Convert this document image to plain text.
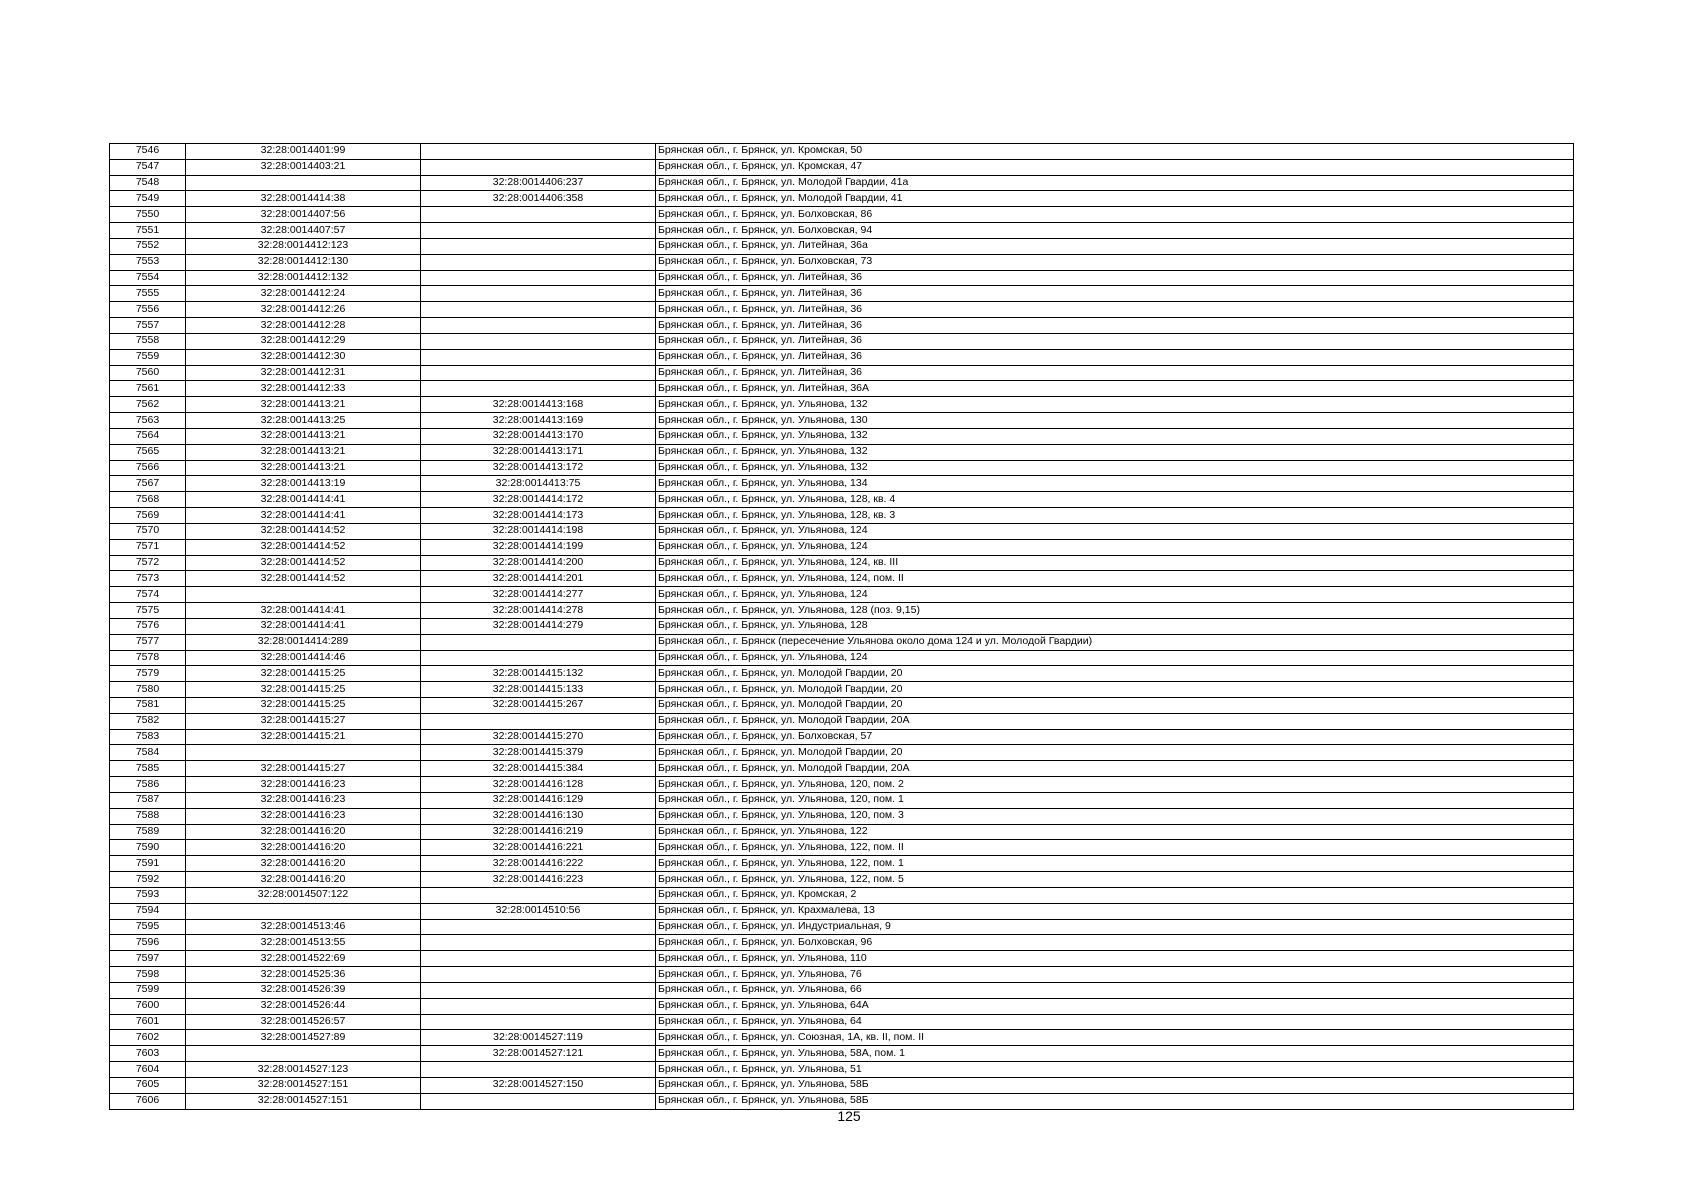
7546	32:28:0014401:99		Брянская обл., г. Брянск, ул. Кромская, 50
7547	32:28:0014403:21		Брянская обл., г. Брянск, ул. Кромская, 47
7548		32:28:0014406:237	Брянская обл., г. Брянск, ул. Молодой Гвардии, 41а
7549	32:28:0014414:38	32:28:0014406:358	Брянская обл., г. Брянск, ул. Молодой Гвардии, 41
7550	32:28:0014407:56		Брянская обл., г. Брянск, ул. Болховская, 86
7551	32:28:0014407:57		Брянская обл., г. Брянск, ул. Болховская, 94
7552	32:28:0014412:123		Брянская обл., г. Брянск, ул. Литейная, 36а
7553	32:28:0014412:130		Брянская обл., г. Брянск, ул. Болховская, 73
7554	32:28:0014412:132		Брянская обл., г. Брянск, ул. Литейная, 36
7555	32:28:0014412:24		Брянская обл., г. Брянск, ул. Литейная, 36
7556	32:28:0014412:26		Брянская обл., г. Брянск, ул. Литейная, 36
7557	32:28:0014412:28		Брянская обл., г. Брянск, ул. Литейная, 36
7558	32:28:0014412:29		Брянская обл., г. Брянск, ул. Литейная, 36
7559	32:28:0014412:30		Брянская обл., г. Брянск, ул. Литейная, 36
7560	32:28:0014412:31		Брянская обл., г. Брянск, ул. Литейная, 36
7561	32:28:0014412:33		Брянская обл., г. Брянск, ул. Литейная, 36А
7562	32:28:0014413:21	32:28:0014413:168	Брянская обл., г. Брянск, ул. Ульянова, 132
7563	32:28:0014413:25	32:28:0014413:169	Брянская обл., г. Брянск, ул. Ульянова, 130
7564	32:28:0014413:21	32:28:0014413:170	Брянская обл., г. Брянск, ул. Ульянова, 132
7565	32:28:0014413:21	32:28:0014413:171	Брянская обл., г. Брянск, ул. Ульянова, 132
7566	32:28:0014413:21	32:28:0014413:172	Брянская обл., г. Брянск, ул. Ульянова, 132
7567	32:28:0014413:19	32:28:0014413:75	Брянская обл., г. Брянск, ул. Ульянова, 134
7568	32:28:0014414:41	32:28:0014414:172	Брянская обл., г. Брянск, ул. Ульянова, 128, кв. 4
7569	32:28:0014414:41	32:28:0014414:173	Брянская обл., г. Брянск, ул. Ульянова, 128, кв. 3
7570	32:28:0014414:52	32:28:0014414:198	Брянская обл., г. Брянск, ул. Ульянова, 124
7571	32:28:0014414:52	32:28:0014414:199	Брянская обл., г. Брянск, ул. Ульянова, 124
7572	32:28:0014414:52	32:28:0014414:200	Брянская обл., г. Брянск, ул. Ульянова, 124, кв. III
7573	32:28:0014414:52	32:28:0014414:201	Брянская обл., г. Брянск, ул. Ульянова, 124, пом. II
7574		32:28:0014414:277	Брянская обл., г. Брянск, ул. Ульянова, 124
7575	32:28:0014414:41	32:28:0014414:278	Брянская обл., г. Брянск, ул. Ульянова, 128 (поз. 9,15)
7576	32:28:0014414:41	32:28:0014414:279	Брянская обл., г. Брянск, ул. Ульянова, 128
7577	32:28:0014414:289		Брянская обл., г. Брянск (пересечение Ульянова около дома 124 и ул. Молодой Гвардии)
7578	32:28:0014414:46		Брянская обл., г. Брянск, ул. Ульянова, 124
7579	32:28:0014415:25	32:28:0014415:132	Брянская обл., г. Брянск, ул. Молодой Гвардии, 20
7580	32:28:0014415:25	32:28:0014415:133	Брянская обл., г. Брянск, ул. Молодой Гвардии, 20
7581	32:28:0014415:25	32:28:0014415:267	Брянская обл., г. Брянск, ул. Молодой Гвардии, 20
7582	32:28:0014415:27		Брянская обл., г. Брянск, ул. Молодой Гвардии, 20А
7583	32:28:0014415:21	32:28:0014415:270	Брянская обл., г. Брянск, ул. Болховская, 57
7584		32:28:0014415:379	Брянская обл., г. Брянск, ул. Молодой Гвардии, 20
7585	32:28:0014415:27	32:28:0014415:384	Брянская обл., г. Брянск, ул. Молодой Гвардии, 20А
7586	32:28:0014416:23	32:28:0014416:128	Брянская обл., г. Брянск, ул. Ульянова, 120, пом. 2
7587	32:28:0014416:23	32:28:0014416:129	Брянская обл., г. Брянск, ул. Ульянова, 120, пом. 1
7588	32:28:0014416:23	32:28:0014416:130	Брянская обл., г. Брянск, ул. Ульянова, 120, пом. 3
7589	32:28:0014416:20	32:28:0014416:219	Брянская обл., г. Брянск, ул. Ульянова, 122
7590	32:28:0014416:20	32:28:0014416:221	Брянская обл., г. Брянск, ул. Ульянова, 122, пом. II
7591	32:28:0014416:20	32:28:0014416:222	Брянская обл., г. Брянск, ул. Ульянова, 122, пом. 1
7592	32:28:0014416:20	32:28:0014416:223	Брянская обл., г. Брянск, ул. Ульянова, 122, пом. 5
7593	32:28:0014507:122		Брянская обл., г. Брянск, ул. Кромская, 2
7594		32:28:0014510:56	Брянская обл., г. Брянск, ул. Крахмалева, 13
7595	32:28:0014513:46		Брянская обл., г. Брянск, ул. Индустриальная, 9
7596	32:28:0014513:55		Брянская обл., г. Брянск, ул. Болховская, 96
7597	32:28:0014522:69		Брянская обл., г. Брянск, ул. Ульянова, 110
7598	32:28:0014525:36		Брянская обл., г. Брянск, ул. Ульянова, 76
7599	32:28:0014526:39		Брянская обл., г. Брянск, ул. Ульянова, 66
7600	32:28:0014526:44		Брянская обл., г. Брянск, ул. Ульянова, 64А
7601	32:28:0014526:57		Брянская обл., г. Брянск, ул. Ульянова, 64
7602	32:28:0014527:89	32:28:0014527:119	Брянская обл., г. Брянск, ул. Союзная, 1А, кв. II, пом. II
7603		32:28:0014527:121	Брянская обл., г. Брянск, ул. Ульянова, 58А, пом. 1
7604	32:28:0014527:123		Брянская обл., г. Брянск, ул. Ульянова, 51
7605	32:28:0014527:151	32:28:0014527:150	Брянская обл., г. Брянск, ул. Ульянова, 58Б
7606	32:28:0014527:151		Брянская обл., г. Брянск, ул. Ульянова, 58Б
125
